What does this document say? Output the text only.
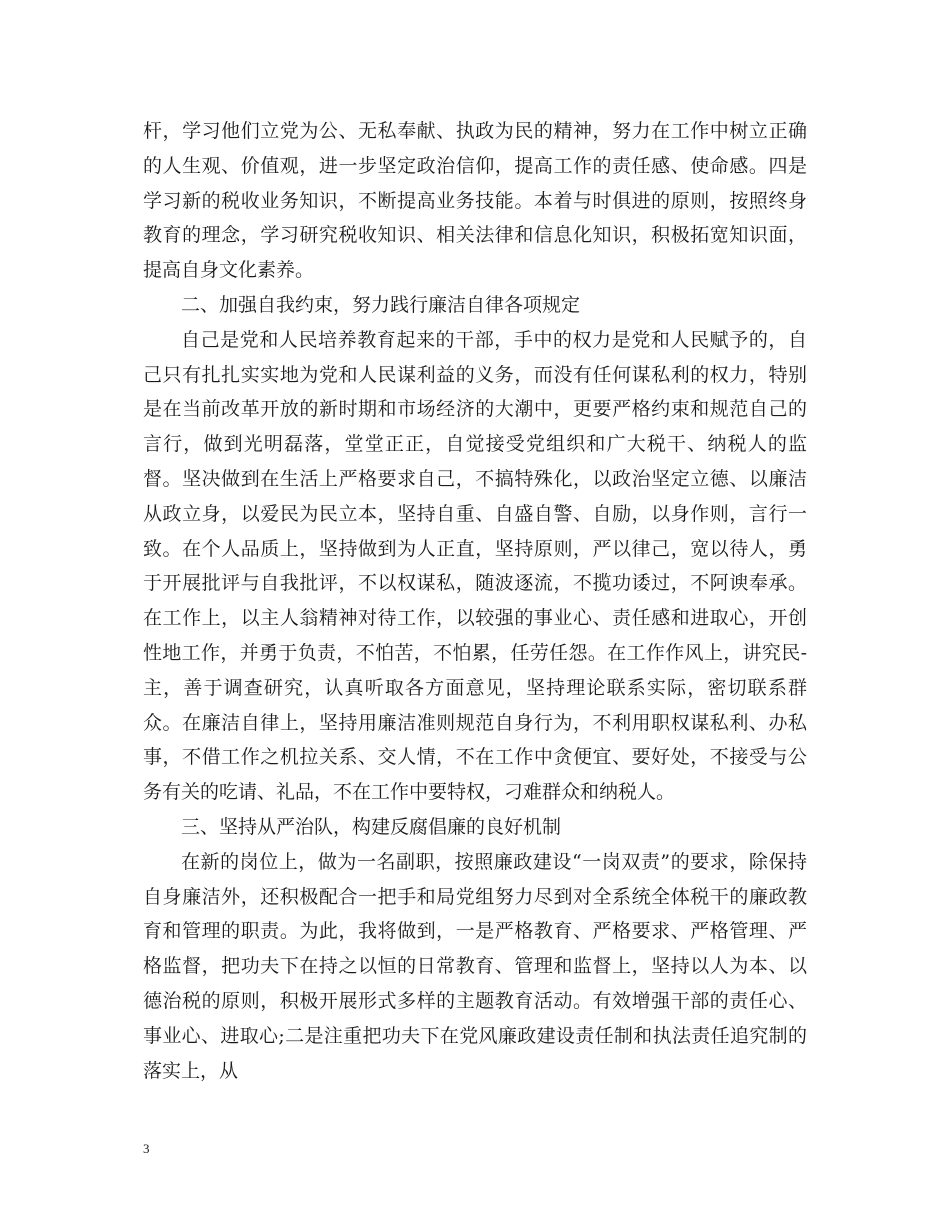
杆，学习他们立党为公、无私奉献、执政为民的精神，努力在工作中树立正确的人生观、价值观，进一步坚定政治信仰，提高工作的责任感、使命感。四是学习新的税收业务知识，不断提高业务技能。本着与时俱进的原则，按照终身教育的理念，学习研究税收知识、相关法律和信息化知识，积极拓宽知识面，提高自身文化素养。

二、加强自我约束，努力践行廉洁自律各项规定

自己是党和人民培养教育起来的干部，手中的权力是党和人民赋予的，自己只有扎扎实实地为党和人民谋利益的义务，而没有任何谋私利的权力，特别是在当前改革开放的新时期和市场经济的大潮中，更要严格约束和规范自己的言行，做到光明磊落，堂堂正正，自觉接受党组织和广大税干、纳税人的监督。坚决做到在生活上严格要求自己，不搞特殊化，以政治坚定立德、以廉洁从政立身，以爱民为民立本，坚持自重、自盛自警、自励，以身作则，言行一致。在个人品质上，坚持做到为人正直，坚持原则，严以律己，宽以待人，勇于开展批评与自我批评，不以权谋私，随波逐流，不揽功诿过，不阿谀奉承。在工作上，以主人翁精神对待工作，以较强的事业心、责任感和进取心，开创性地工作，并勇于负责，不怕苦，不怕累，任劳任怨。在工作作风上，讲究民-主，善于调查研究，认真听取各方面意见，坚持理论联系实际，密切联系群众。在廉洁自律上，坚持用廉洁准则规范自身行为，不利用职权谋私利、办私事，不借工作之机拉关系、交人情，不在工作中贪便宜、要好处，不接受与公务有关的吃请、礼品，不在工作中要特权，刁难群众和纳税人。

三、坚持从严治队，构建反腐倡廉的良好机制

在新的岗位上，做为一名副职，按照廉政建设“一岗双责”的要求，除保持自身廉洁外，还积极配合一把手和局党组努力尽到对全系统全体税干的廉政教育和管理的职责。为此，我将做到，一是严格教育、严格要求、严格管理、严格监督，把功夫下在持之以恒的日常教育、管理和监督上，坚持以人为本、以德治税的原则，积极开展形式多样的主题教育活动。有效增强干部的责任心、事业心、进取心;二是注重把功夫下在党风廉政建设责任制和执法责任追究制的落实上，从

3
